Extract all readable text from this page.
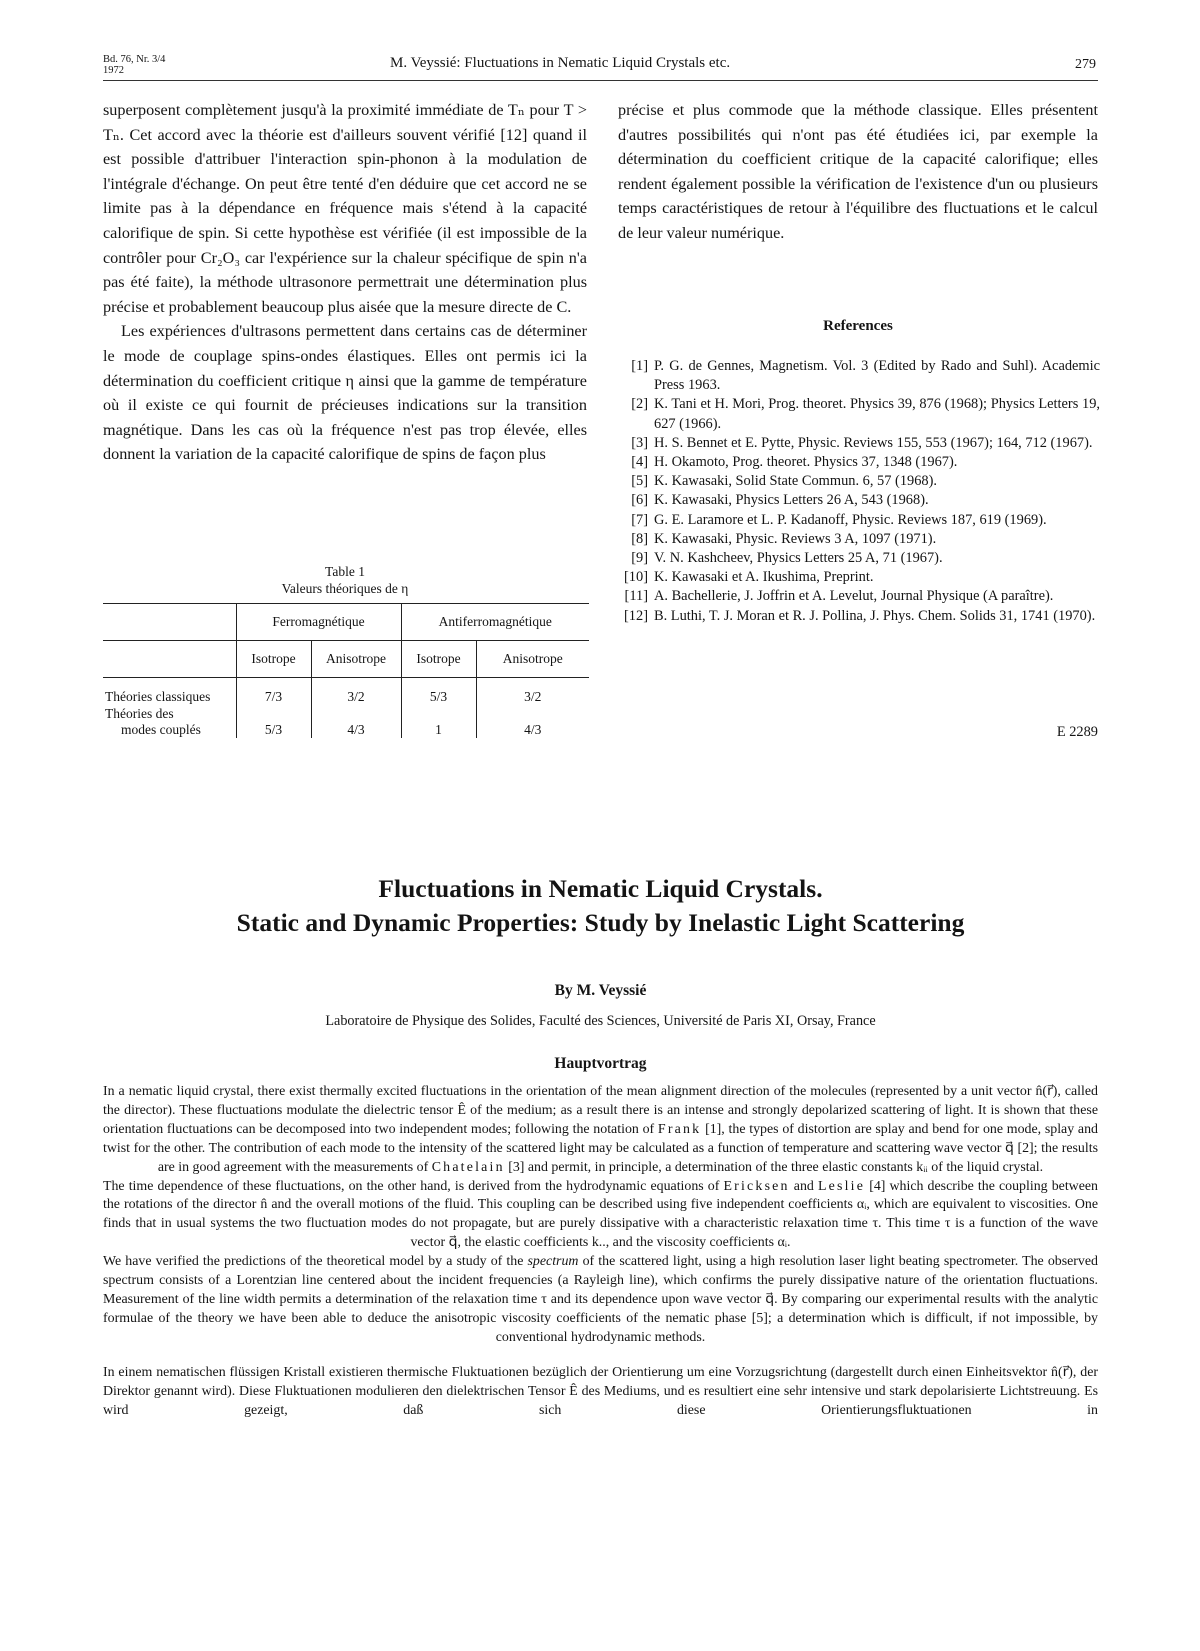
Bd. 76, Nr. 3/4
1972	M. Veyssié: Fluctuations in Nematic Liquid Crystals etc.	279

superposent complètement jusqu'à la proximité immédiate de Tₙ pour T > Tₙ. Cet accord avec la théorie est d'ailleurs souvent vérifié [12] quand il est possible d'attribuer l'interaction spin-phonon à la modulation de l'intégrale d'échange. On peut être tenté d'en déduire que cet accord ne se limite pas à la dépendance en fréquence mais s'étend à la capacité calorifique de spin. Si cette hypothèse est vérifiée (il est impossible de la contrôler pour Cr₂O₃ car l'expérience sur la chaleur spécifique de spin n'a pas été faite), la méthode ultrasonore permettrait une détermination plus précise et probablement beaucoup plus aisée que la mesure directe de C.

Les expériences d'ultrasons permettent dans certains cas de déterminer le mode de couplage spins-ondes élastiques. Elles ont permis ici la détermination du coefficient critique η ainsi que la gamme de température où il existe ce qui fournit de précieuses indications sur la transition magnétique. Dans les cas où la fréquence n'est pas trop élevée, elles donnent la variation de la capacité calorifique de spins de façon plus

Table 1
Valeurs théoriques de η
	Ferromagnétique		Antiferromagnétique	
	Isotrope	Anisotrope	Isotrope	Anisotrope
Théories classiques	7/3	3/2	5/3	3/2

Théories des
modes couplés	5/3	4/3	1	4/3

précise et plus commode que la méthode classique. Elles présentent d'autres possibilités qui n'ont pas été étudiées ici, par exemple la détermination du coefficient critique de la capacité calorifique; elles rendent également possible la vérification de l'existence d'un ou plusieurs temps caractéristiques de retour à l'équilibre des fluctuations et le calcul de leur valeur numérique.

References
[1] P. G. de Gennes, Magnetism. Vol. 3 (Edited by Rado and Suhl). Academic Press 1963.
[2] K. Tani et H. Mori, Prog. theoret. Physics 39, 876 (1968); Physics Letters 19, 627 (1966).
[3] H. S. Bennet et E. Pytte, Physic. Reviews 155, 553 (1967); 164, 712 (1967).
[4] H. Okamoto, Prog. theoret. Physics 37, 1348 (1967).
[5] K. Kawasaki, Solid State Commun. 6, 57 (1968).
[6] K. Kawasaki, Physics Letters 26 A, 543 (1968).
[7] G. E. Laramore et L. P. Kadanoff, Physic. Reviews 187, 619 (1969).
[8] K. Kawasaki, Physic. Reviews 3 A, 1097 (1971).
[9] V. N. Kashcheev, Physics Letters 25 A, 71 (1967).
[10] K. Kawasaki et A. Ikushima, Preprint.
[11] A. Bachellerie, J. Joffrin et A. Levelut, Journal Physique (A paraître).
[12] B. Luthi, T. J. Moran et R. J. Pollina, J. Phys. Chem. Solids 31, 1741 (1970).
E 2289
Fluctuations in Nematic Liquid Crystals.
Static and Dynamic Properties: Study by Inelastic Light Scattering
By M. Veyssié
Laboratoire de Physique des Solides, Faculté des Sciences, Université de Paris XI, Orsay, France
Hauptvortrag

In a nematic liquid crystal, there exist thermally excited fluctuations in the orientation of the mean alignment direction of the molecules (represented by a unit vector n̂(r⃗), called the director). These fluctuations modulate the dielectric tensor Ê of the medium; as a result there is an intense and strongly depolarized scattering of light. It is shown that these orientation fluctuations can be decomposed into two independent modes; following the notation of Frank [1], the types of distortion are splay and bend for one mode, splay and twist for the other. The contribution of each mode to the intensity of the scattered light may be calculated as a function of temperature and scattering wave vector q⃗ [2]; the results are in good agreement with the measurements of Chatelain [3] and permit, in principle, a determination of the three elastic constants kᵢᵢ of the liquid crystal.

The time dependence of these fluctuations, on the other hand, is derived from the hydrodynamic equations of Ericksen and Leslie [4] which describe the coupling between the rotations of the director n̂ and the overall motions of the fluid. This coupling can be described using five independent coefficients αᵢ, which are equivalent to viscosities. One finds that in usual systems the two fluctuation modes do not propagate, but are purely dissipative with a characteristic relaxation time τ. This time τ is a function of the wave vector q⃗, the elastic coefficients k.., and the viscosity coefficients αᵢ.

We have verified the predictions of the theoretical model by a study of the spectrum of the scattered light, using a high resolution laser light beating spectrometer. The observed spectrum consists of a Lorentzian line centered about the incident frequencies (a Rayleigh line), which confirms the purely dissipative nature of the orientation fluctuations. Measurement of the line width permits a determination of the relaxation time τ and its dependence upon wave vector q⃗. By comparing our experimental results with the analytic formulae of the theory we have been able to deduce the anisotropic viscosity coefficients of the nematic phase [5]; a determination which is difficult, if not impossible, by conventional hydrodynamic methods.

In einem nematischen flüssigen Kristall existieren thermische Fluktuationen bezüglich der Orientierung um eine Vorzugsrichtung (dargestellt durch einen Einheitsvektor n̂(r⃗), der Direktor genannt wird). Diese Fluktuationen modulieren den dielektrischen Tensor Ê des Mediums, und es resultiert eine sehr intensive und stark depolarisierte Lichtstreuung. Es wird gezeigt, daß sich diese Orientierungsfluktuationen in
